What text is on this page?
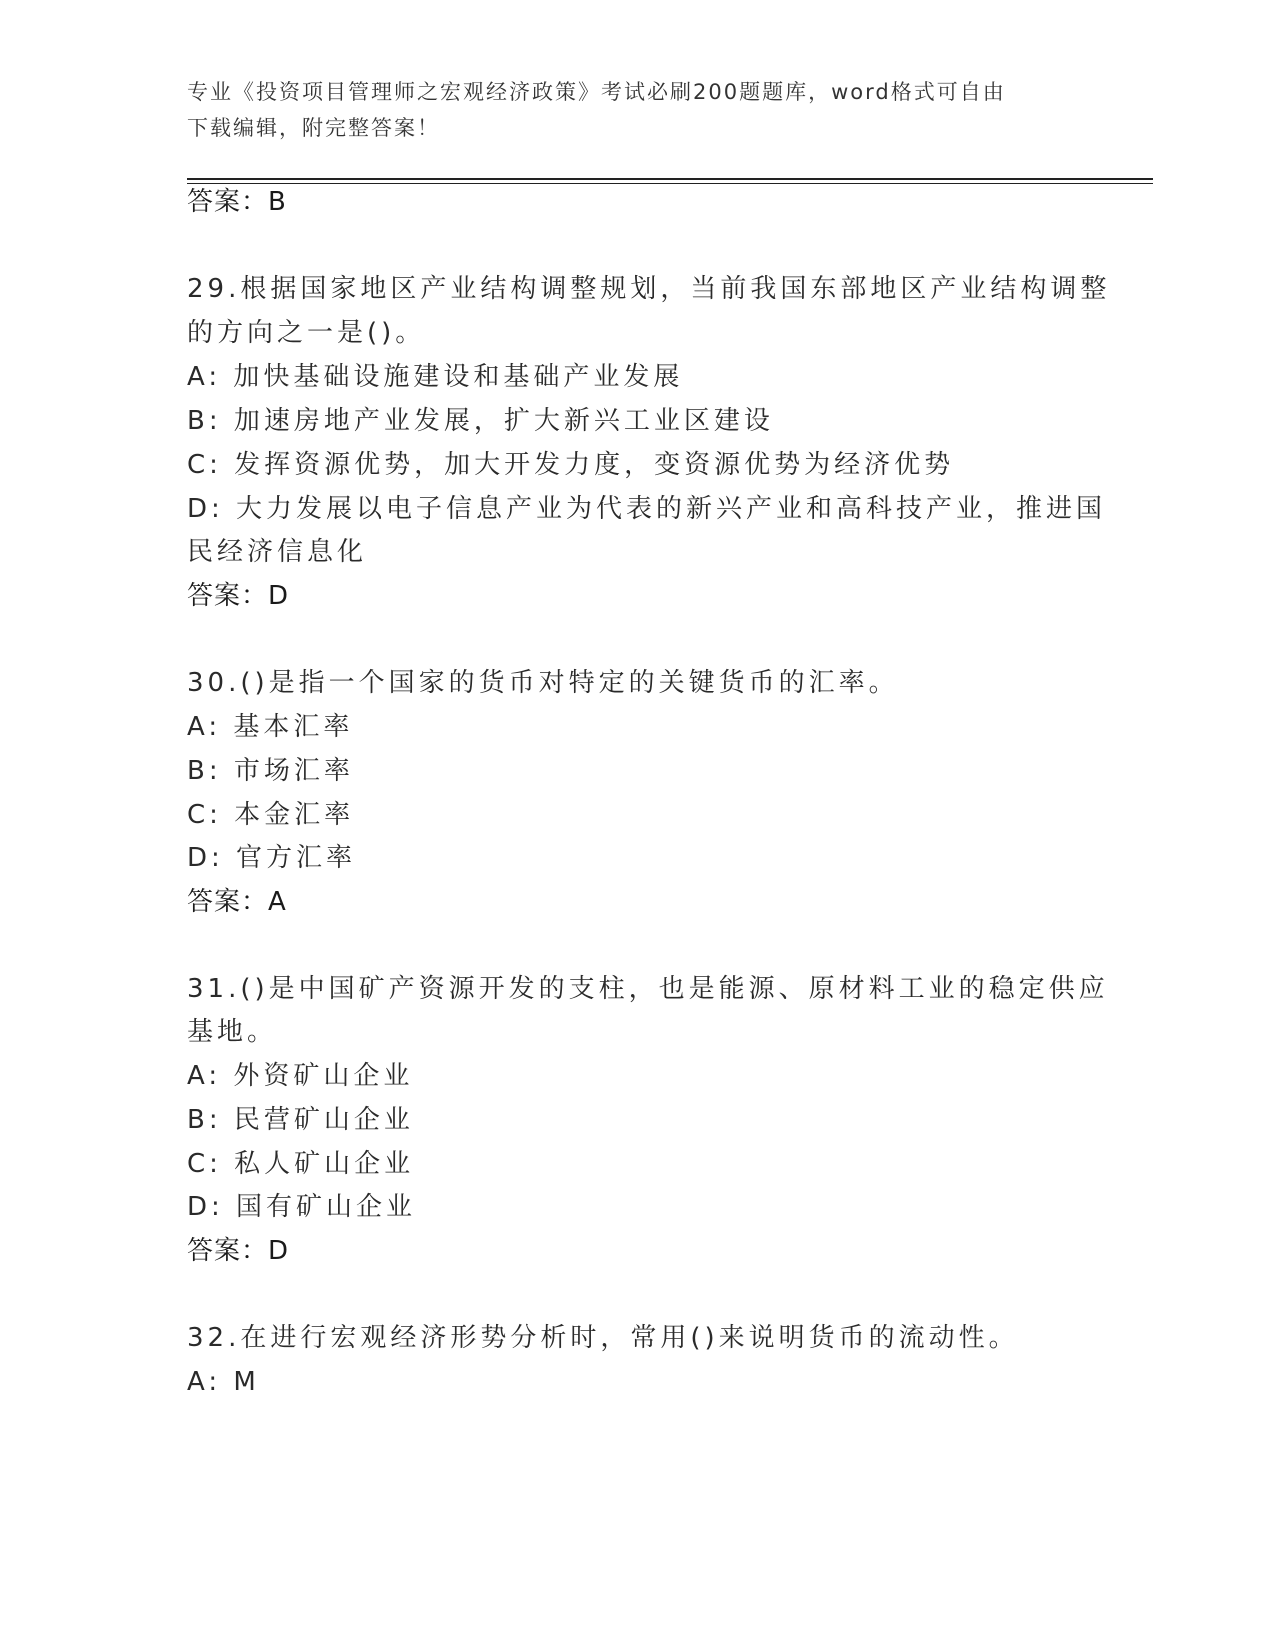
专业《投资项目管理师之宏观经济政策》考试必刷200题题库，word格式可自由
下载编辑，附完整答案！
答案：B
29.根据国家地区产业结构调整规划，当前我国东部地区产业结构调整
的方向之一是()。
A: 加快基础设施建设和基础产业发展
B: 加速房地产业发展，扩大新兴工业区建设
C: 发挥资源优势，加大开发力度，变资源优势为经济优势
D: 大力发展以电子信息产业为代表的新兴产业和高科技产业，推进国
民经济信息化
答案：D
30.()是指一个国家的货币对特定的关键货币的汇率。
A: 基本汇率
B: 市场汇率
C: 本金汇率
D: 官方汇率
答案：A
31.()是中国矿产资源开发的支柱，也是能源、原材料工业的稳定供应
基地。
A: 外资矿山企业
B: 民营矿山企业
C: 私人矿山企业
D: 国有矿山企业
答案：D
32.在进行宏观经济形势分析时，常用()来说明货币的流动性。
A: M
